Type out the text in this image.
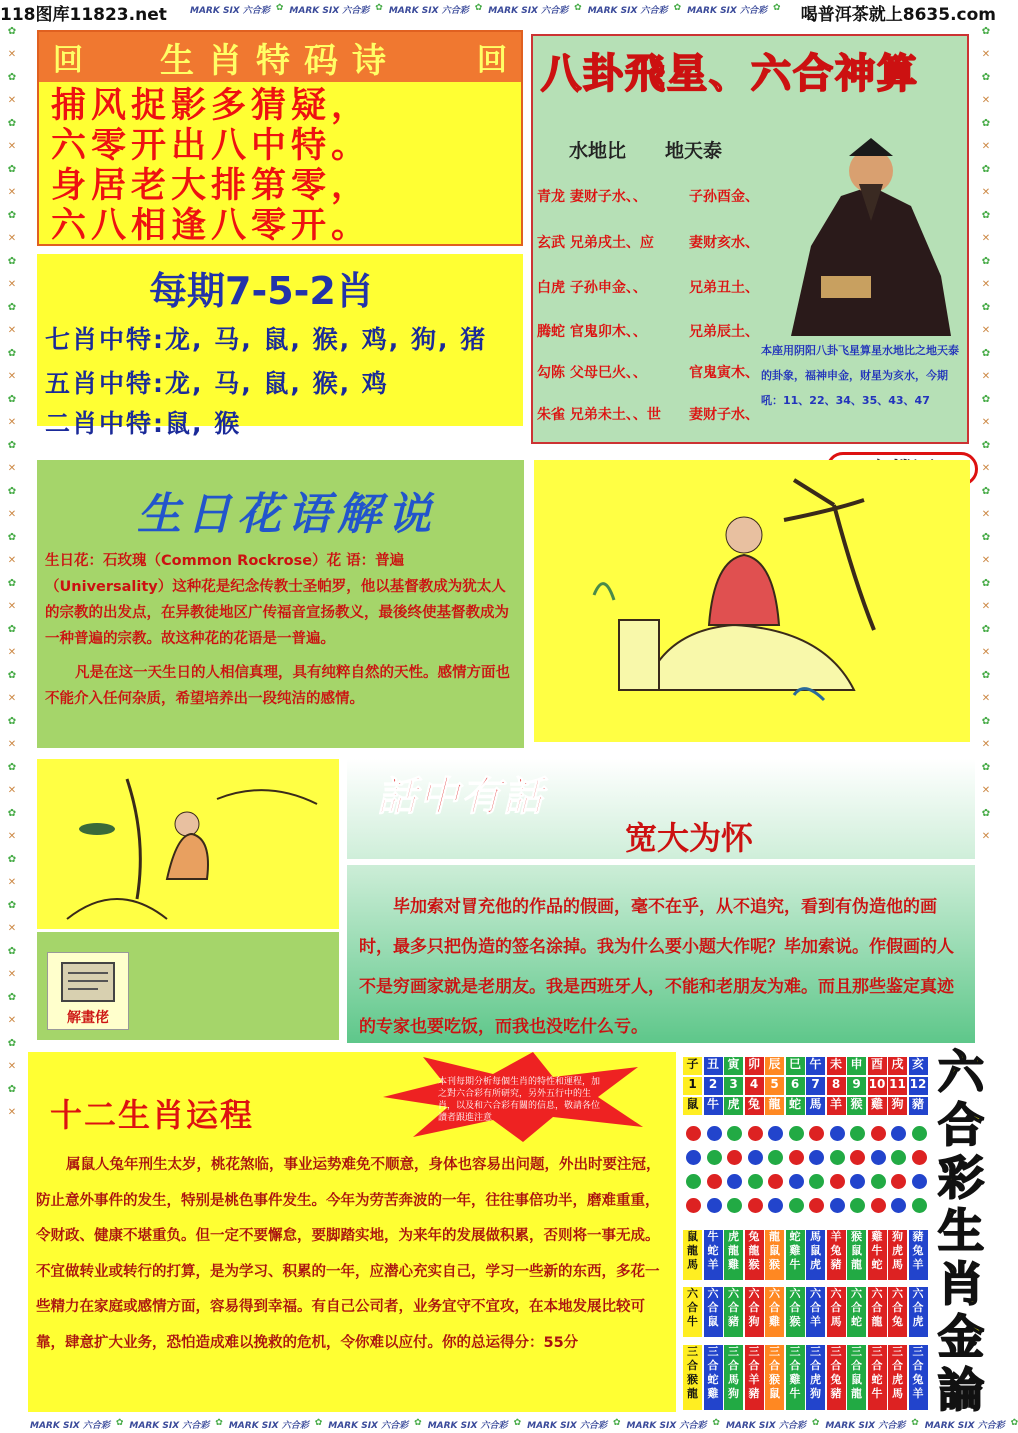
118图库11823.net	喝普洱茶就上8635.com
MARK SIX 六合彩 ✿ MARK SIX 六合彩 ✿ MARK SIX 六合彩 ✿ MARK SIX 六合彩 ✿ MARK SIX 六合彩 ✿ MARK SIX 六合彩 ✿
MARK SIX 六合彩 ✿ MARK SIX 六合彩 ✿ MARK SIX 六合彩 ✿ MARK SIX 六合彩 ✿ MARK SIX 六合彩 ✿ MARK SIX 六合彩 ✿ MARK SIX 六合彩 ✿ MARK SIX 六合彩 ✿ MARK SIX 六合彩 ✿ MARK SIX 六合彩 ✿
✿
✕
✿
✕
✿
✕
✿
✕
✿
✕
✿
✕
✿
✕
✿
✕
✿
✕
✿
✕
✿
✕
✿
✕
✿
✕
✿
✕
✿
✕
✿
✕
✿
✕
✿
✕
✿
✕
✿
✕
✿
✕
✿
✕
✿
✕
✿
✕
✿
✕
✿
✕
✿
✕
✿
✕
✿
✕
✿
✕
✿
✕
✿
✕
✿
✕
✿
✕
✿
✕
✿
✕
✿
✕
✿
✕
✿
✕
✿
✕
✿
✕
✿
✕
回 生肖特码诗	回
捕风捉影多猜疑，
六零开出八中特。
身居老大排第零，
六八相逢八零开。
每期7-5-2肖
七肖中特:龙, 马, 鼠, 猴, 鸡, 狗, 猪
五肖中特:龙, 马, 鼠, 猴, 鸡
二肖中特:鼠, 猴
八卦飛星、六合神算
水地比 地天泰
青龙 妻财子水、、
玄武 兄弟戌土、应
白虎 子孙申金、、
腾蛇 官鬼卯木、、
勾陈 父母巳火、、
朱雀 兄弟未土、、世
子孙酉金、
妻财亥水、
兄弟丑土、
兄弟辰土、
官鬼寅木、
妻财子水、
本座用阴阳八卦飞星算星水地比之地天泰的卦象，福神申金，财星为亥水，今期吼：11、22、34、35、43、47
生日花语解说
生日花：石玫瑰（Common Rockrose）花 语：普遍（Universality）这种花是纪念传教士圣帕罗，他以基督教成为犹太人的宗教的出发点，在异教徒地区广传福音宣扬教义，最後终使基督教成为一种普遍的宗教。故这种花的花语是一普遍。
凡是在这一天生日的人相信真理，具有纯粹自然的天性。感情方面也不能介入任何杂质，希望培养出一段纯洁的感情。
解畫佬
話中有話
宽大为怀
毕加索对冒充他的作品的假画，毫不在乎，从不追究，看到有伪造他的画时，最多只把伪造的签名涂掉。我为什么要小题大作呢？毕加索说。作假画的人不是穷画家就是老朋友。我是西班牙人，不能和老朋友为难。而且那些鉴定真迹的专家也要吃饭，而我也没吃什么亏。
本刊每期分析每個生肖的特性和運程，加之對六合彩有所研究，另外五行中的生肖，以及和六合彩有關的信息，敬請各位讀者跟進注意
十二生肖运程
属鼠人兔年刑生太岁，桃花煞临，事业运势难免不顺意，身体也容易出问题，外出时要注冠，防止意外事件的发生，特别是桃色事件发生。今年为劳苦奔波的一年，往往事倍功半，磨难重重，令财政、健康不堪重负。但一定不要懈怠，要脚踏实地，为来年的发展做积累，否则将一事无成。不宜做转业或转行的打算，是为学习、积累的一年，应潜心充实自己，学习一些新的东西，多花一些精力在家庭或感情方面，容易得到幸福。有自己公司者，业务宜守不宜攻，在本地发展比较可靠，肆意扩大业务，恐怕造成难以挽救的危机，令你难以应付。你的总运得分：55分
子
1
鼠
鼠
龍
馬
六
合
牛
三
合
猴
龍
丑
2
牛
牛
蛇
羊
六
合
鼠
三
合
蛇
雞
寅
3
虎
虎
龍
雞
六
合
豬
三
合
馬
狗
卯
4
兔
兔
龍
猴
六
合
狗
三
合
羊
豬
辰
5
龍
龍
鼠
猴
六
合
雞
三
合
猴
鼠
巳
6
蛇
蛇
雞
牛
六
合
猴
三
合
雞
牛
午
7
馬
馬
鼠
虎
六
合
羊
三
合
虎
狗
未
8
羊
羊
兔
豬
六
合
馬
三
合
兔
豬
申
9
猴
猴
鼠
龍
六
合
蛇
三
合
鼠
龍
酉
10
雞
雞
牛
蛇
六
合
龍
三
合
蛇
牛
戌
11
狗
狗
虎
馬
六
合
兔
三
合
虎
馬
亥
12
豬
豬
兔
羊
六
合
虎
三
合
兔
羊
六
合
彩
生
肖
金
論
